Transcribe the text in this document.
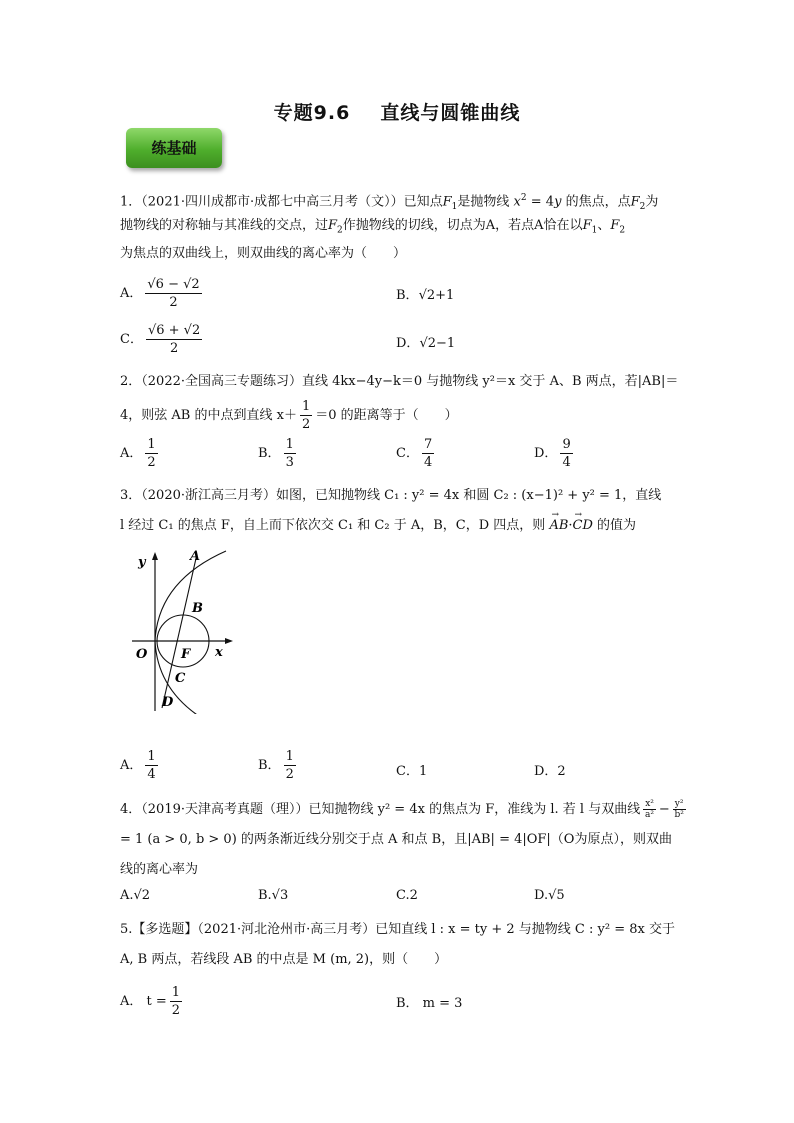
专题9.6 直线与圆锥曲线
练基础
1．（2021·四川成都市·成都七中高三月考（文））已知点$F_1$是抛物线 $x^2 = 4y$ 的焦点，点$F_2$为
抛物线的对称轴与其准线的交点，过$F_2$作抛物线的切线，切点为A，若点A恰在以$F_1$、$F_2$
为焦点的双曲线上，则双曲线的离心率为（　　）
A． $\frac{√6 - √2}{2}$	B．√2+1
C． $\frac{√6 + √2}{2}$	D．√2−1
2．（2022·全国高三专题练习）直线 4kx−4y−k＝0 与抛物线 y²＝x 交于 A、B 两点，若|AB|＝
4，则弦 AB 的中点到直线 $x+ \frac{1}{2} =0$ 的距离等于（　　）
A． $\frac{1}{2}$	B． $\frac{1}{3}$	C． $\frac{7}{4}$	D． $\frac{9}{4}$
3．（2020·浙江高三月考）如图，已知抛物线 C₁ : y² = 4x 和圆 C₂ : (x−1)² + y² = 1，直线
l 经过 C₁ 的焦点 F，自上而下依次交 C₁ 和 C₂ 于 A，B，C，D 四点，则 → AB·→ CD 的值为
y	A
B
O	F x
C
D
A． $\frac{1}{4}$	B． $\frac{1}{2}$	C．1	D．2
4．（2019·天津高考真题（理））已知抛物线 y² = 4x 的焦点为 F，准线为 l. 若 l 与双曲线 $\frac{\text{x²}}{\text{a²}} - \frac{\text{y²}}{\text{b²}}$
= 1 (a > 0, b > 0) 的两条渐近线分别交于点 A 和点 B，且|AB| = 4|OF|（O为原点），则双曲
线的离心率为
A.√2	B.√3	C.2	D.√5
5.【多选题】（2021·河北沧州市·高三月考）已知直线 l : x = ty + 2 与抛物线 C : y² = 8x 交于
A, B 两点，若线段 AB 的中点是 M (m, 2)，则（　　）
A． $t = \frac{1}{2}$	B． m = 3
